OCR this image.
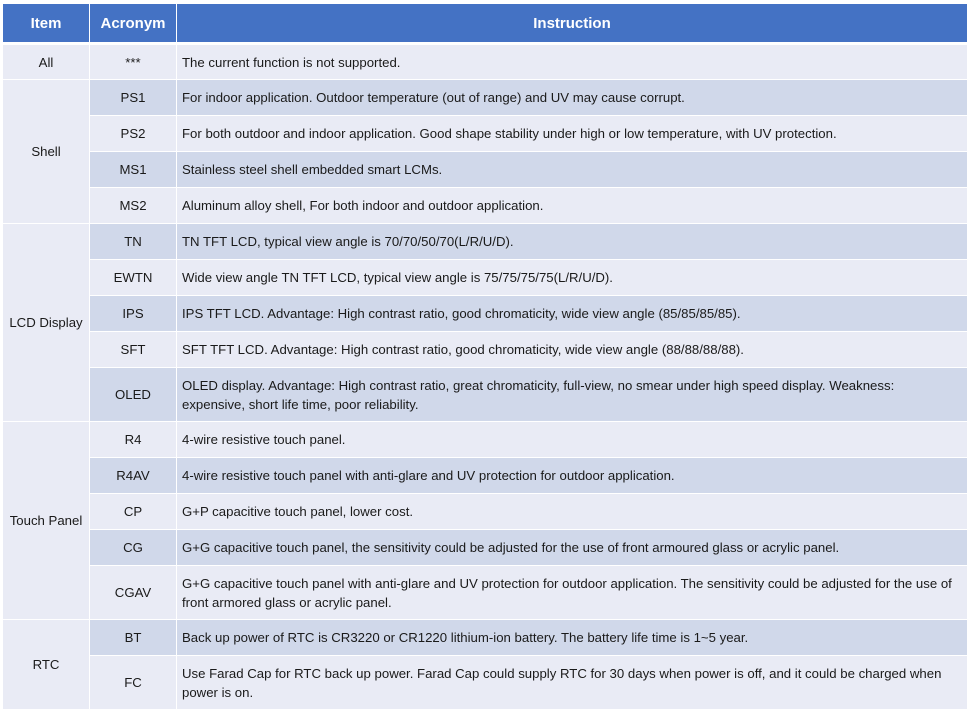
Item	Acronym	Instruction
All	***	The current function is not supported.
Shell	PS1	For indoor application. Outdoor temperature (out of range) and UV may cause corrupt.
	PS2	For both outdoor and indoor application. Good shape stability under high or low temperature, with UV protection.
	MS1	Stainless steel shell embedded smart LCMs.
	MS2	Aluminum alloy shell, For both indoor and outdoor application.
LCD Display	TN	TN TFT LCD, typical view angle is 70/70/50/70(L/R/U/D).
	EWTN	Wide view angle TN TFT LCD, typical view angle is 75/75/75/75(L/R/U/D).
	IPS	IPS TFT LCD. Advantage: High contrast ratio, good chromaticity, wide view angle (85/85/85/85).
	SFT	SFT TFT LCD. Advantage: High contrast ratio, good chromaticity, wide view angle (88/88/88/88).
	OLED	OLED display. Advantage: High contrast ratio, great chromaticity, full-view, no smear under high speed display. Weakness: expensive, short life time, poor reliability.
Touch Panel	R4	4-wire resistive touch panel.
	R4AV	4-wire resistive touch panel with anti-glare and UV protection for outdoor application.
	CP	G+P capacitive touch panel, lower cost.
	CG	G+G capacitive touch panel, the sensitivity could be adjusted for the use of front armoured glass or acrylic panel.
	CGAV	G+G capacitive touch panel with anti-glare and UV protection for outdoor application. The sensitivity could be adjusted for the use of front armored glass or acrylic panel.
RTC	BT	Back up power of RTC is CR3220 or CR1220 lithium-ion battery. The battery life time is 1~5 year.
	FC	Use Farad Cap for RTC back up power. Farad Cap could supply RTC for 30 days when power is off, and it could be charged when power is on.
